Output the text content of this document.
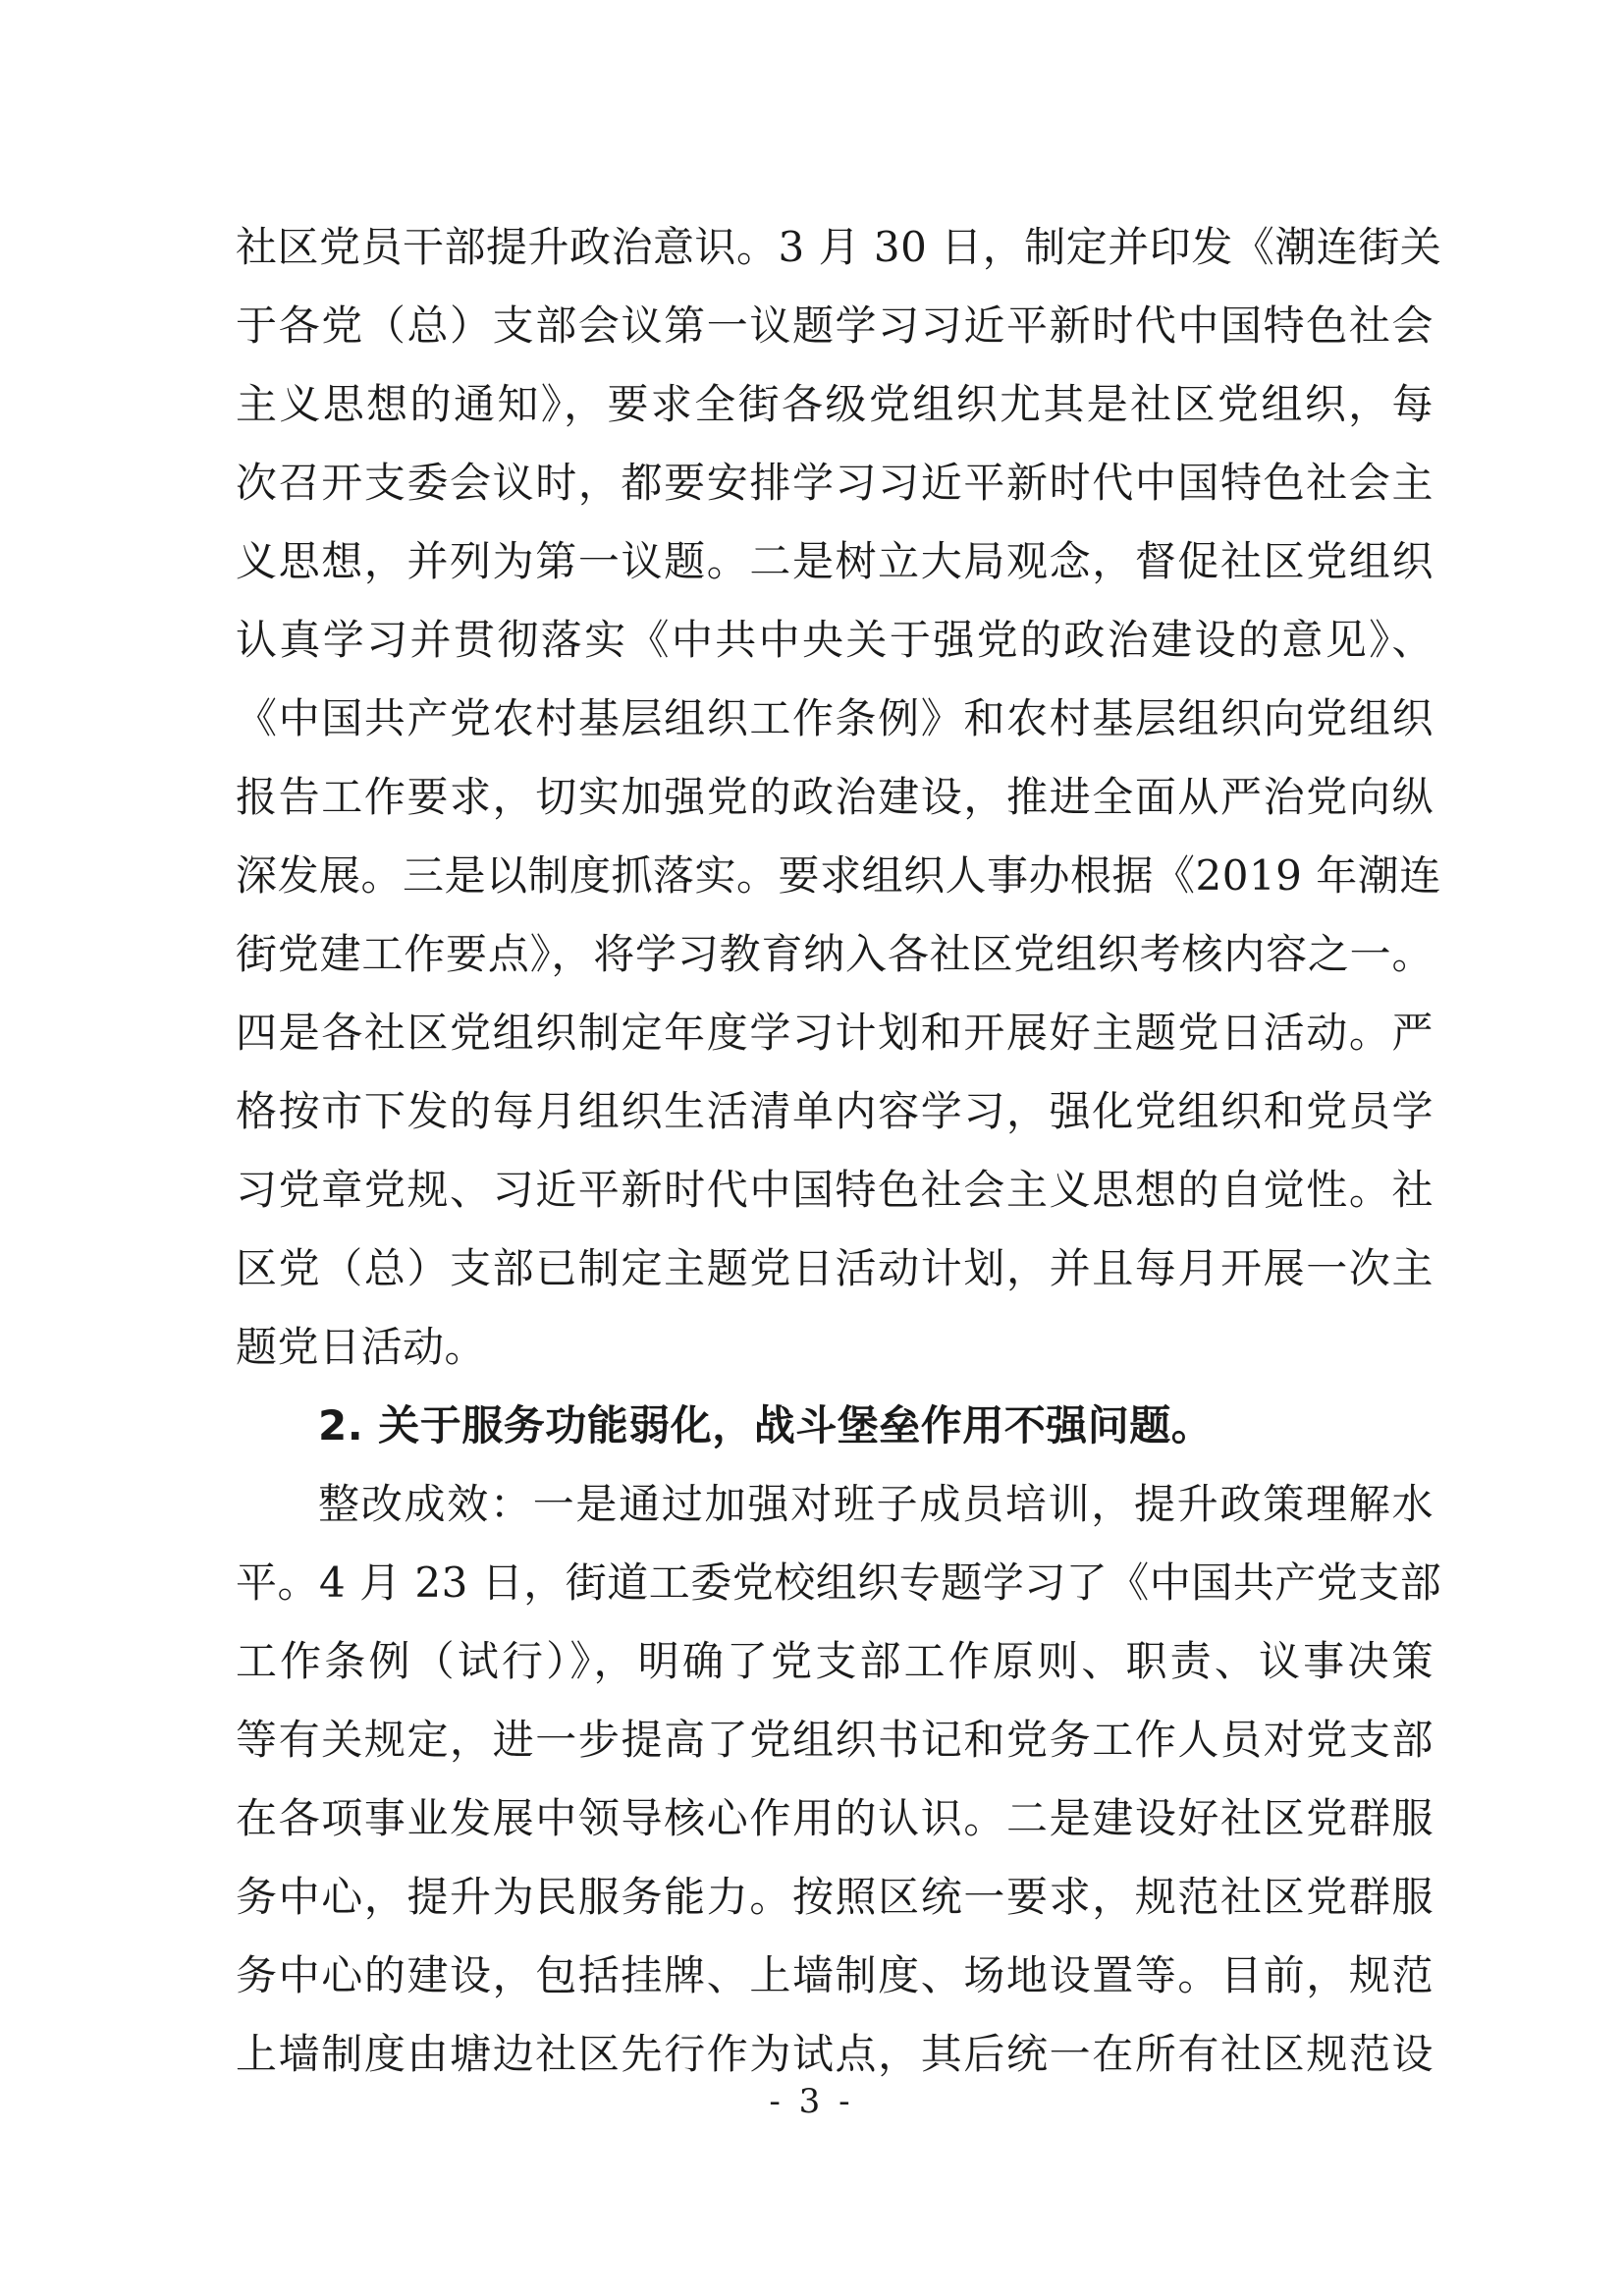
社区党员干部提升政治意识。3 月 30 日，制定并印发《潮连街关
于各党（总）支部会议第一议题学习习近平新时代中国特色社会
主义思想的通知》，要求全街各级党组织尤其是社区党组织，每
次召开支委会议时，都要安排学习习近平新时代中国特色社会主
义思想，并列为第一议题。二是树立大局观念，督促社区党组织
认真学习并贯彻落实《中共中央关于强党的政治建设的意见》、
《中国共产党农村基层组织工作条例》和农村基层组织向党组织
报告工作要求，切实加强党的政治建设，推进全面从严治党向纵
深发展。三是以制度抓落实。要求组织人事办根据《2019 年潮连
街党建工作要点》，将学习教育纳入各社区党组织考核内容之一。
四是各社区党组织制定年度学习计划和开展好主题党日活动。严
格按市下发的每月组织生活清单内容学习，强化党组织和党员学
习党章党规、习近平新时代中国特色社会主义思想的自觉性。社
区党（总）支部已制定主题党日活动计划，并且每月开展一次主
题党日活动。
2. 关于服务功能弱化，战斗堡垒作用不强问题。
整改成效：一是通过加强对班子成员培训，提升政策理解水
平。4 月 23 日，街道工委党校组织专题学习了《中国共产党支部
工作条例（试行）》，明确了党支部工作原则、职责、议事决策
等有关规定，进一步提高了党组织书记和党务工作人员对党支部
在各项事业发展中领导核心作用的认识。二是建设好社区党群服
务中心，提升为民服务能力。按照区统一要求，规范社区党群服
务中心的建设，包括挂牌、上墙制度、场地设置等。目前，规范
上墙制度由塘边社区先行作为试点，其后统一在所有社区规范设
- 3 -
